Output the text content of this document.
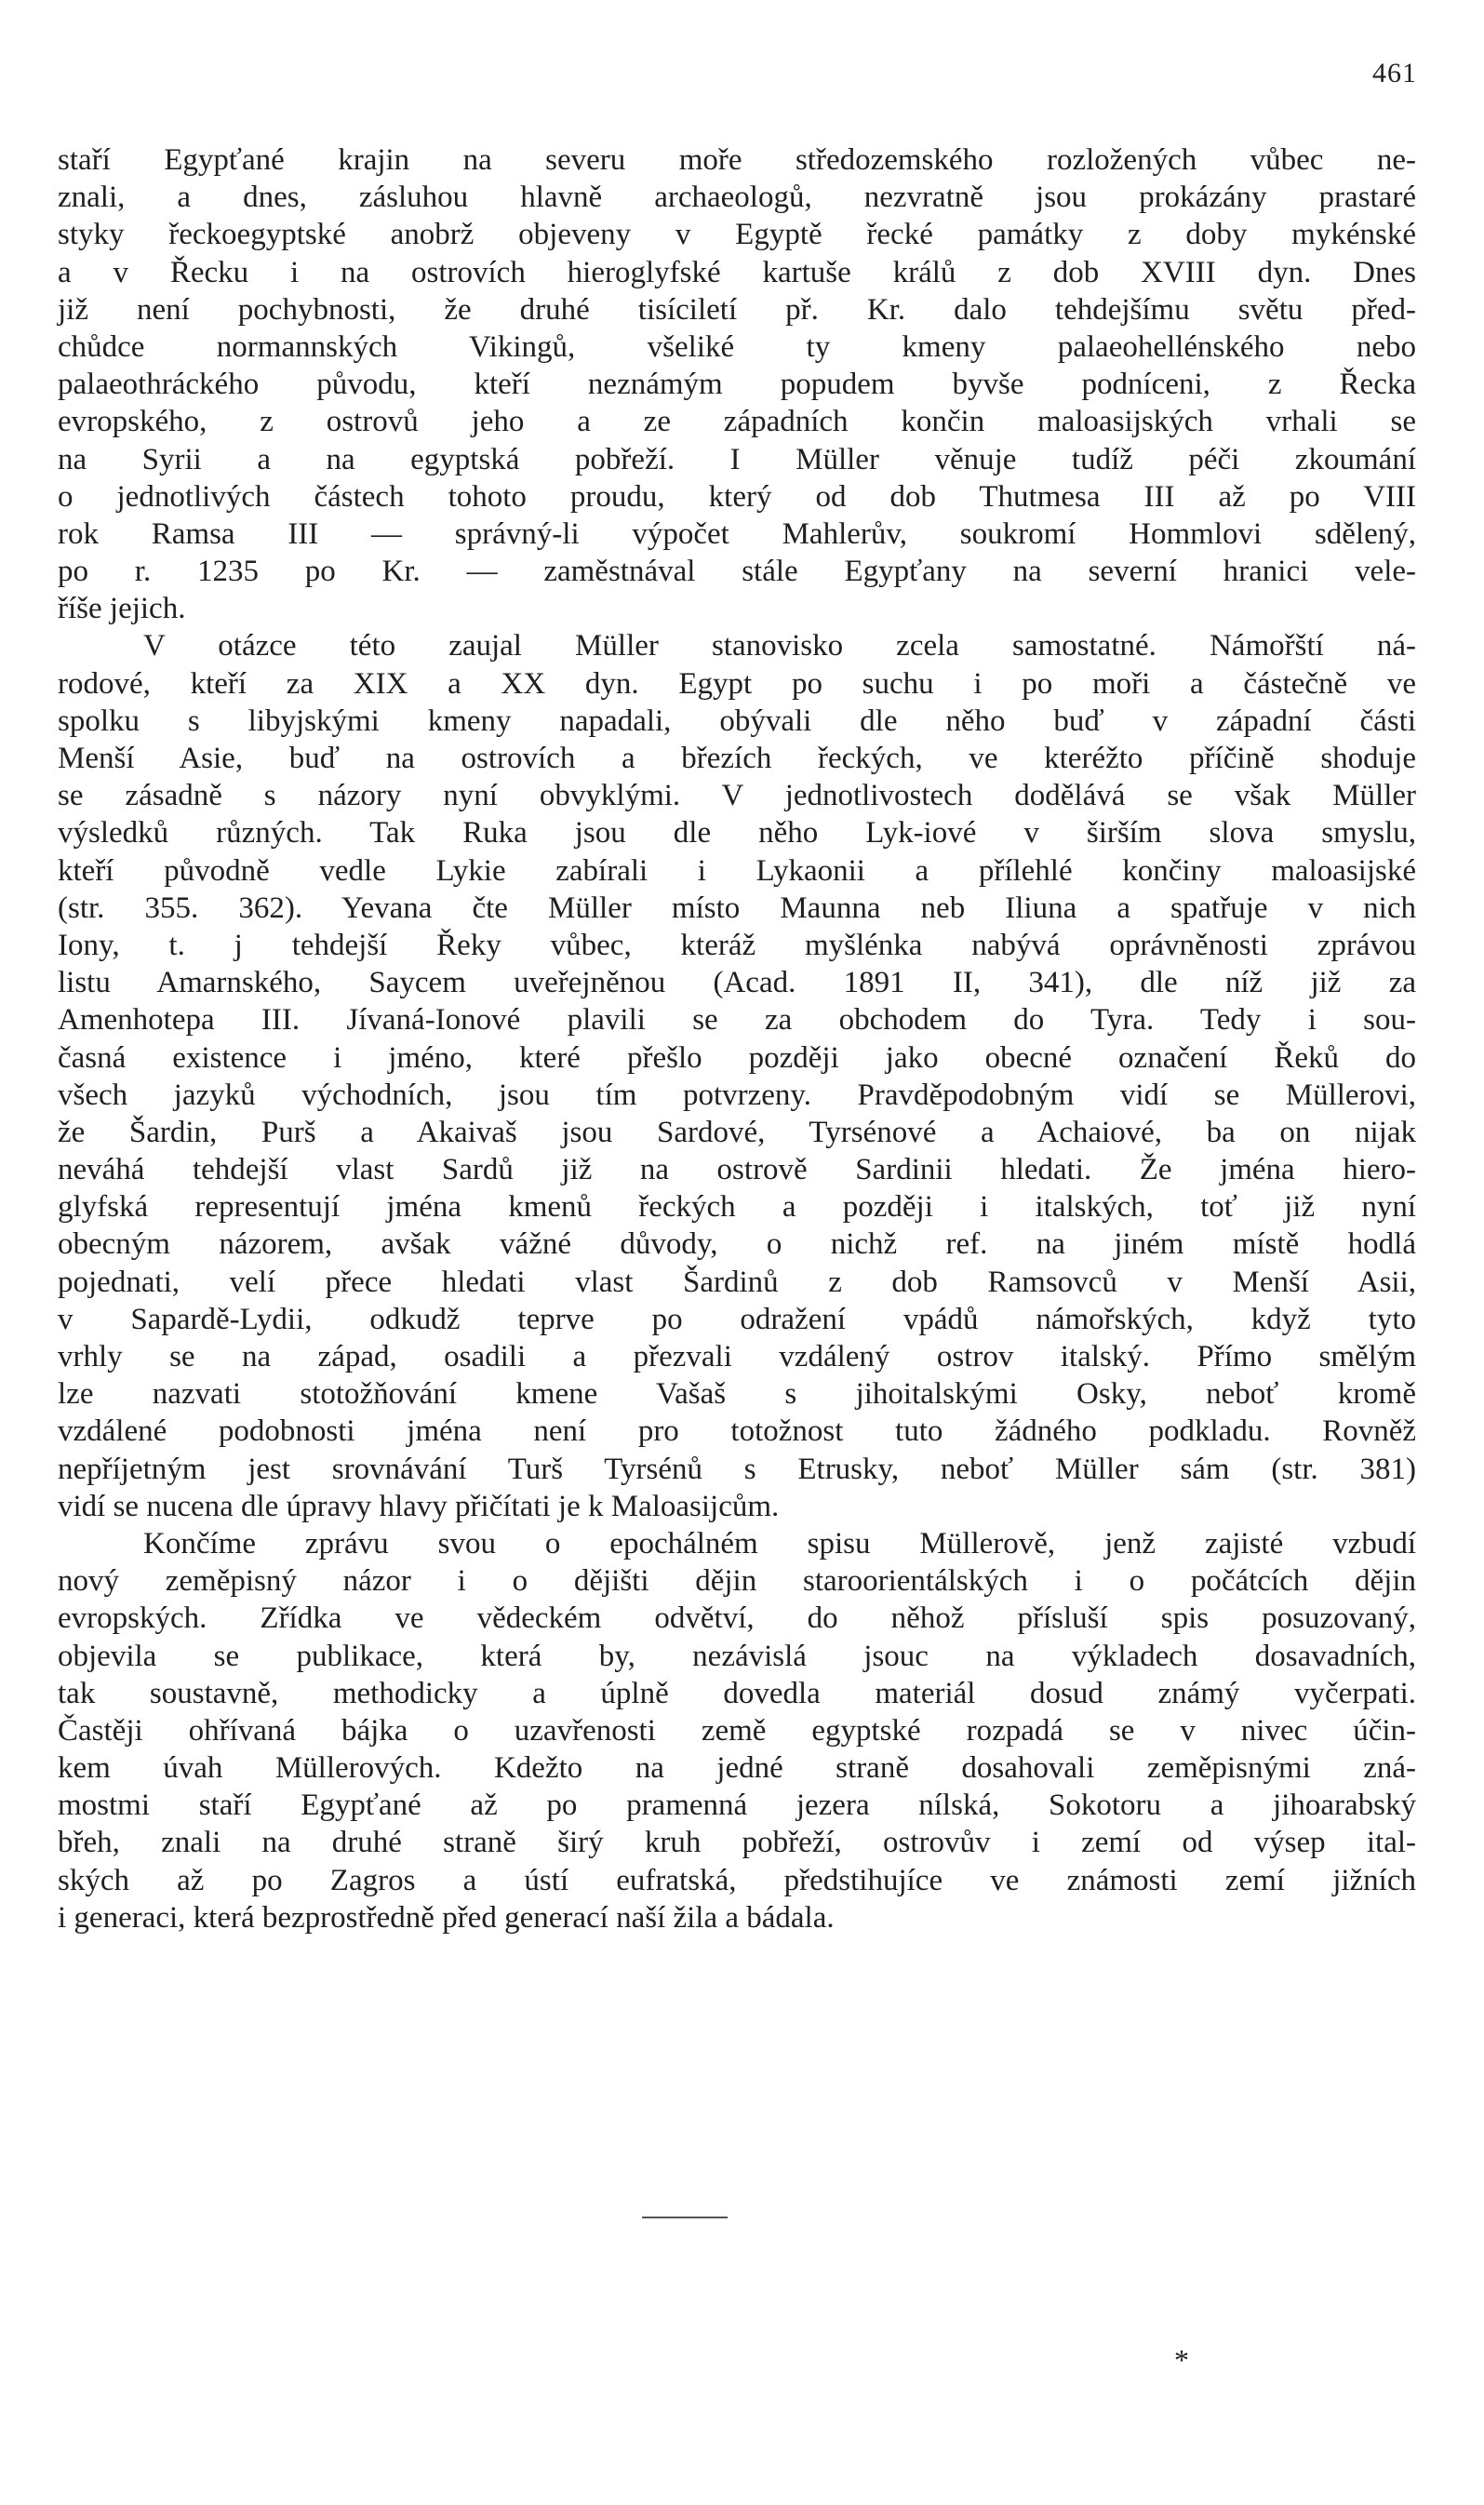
461
staří Egypťané krajin na severu moře středozemského rozložených vůbec ne-
znali, a dnes, zásluhou hlavně archaeologů, nezvratně jsou prokázány prastaré
styky řeckoegyptské anobrž objeveny v Egyptě řecké památky z doby mykénské
a v Řecku i na ostrovích hieroglyfské kartuše králů z dob XVIII dyn. Dnes
již není pochybnosti, že druhé tisíciletí př. Kr. dalo tehdejšímu světu před-
chůdce normannských Vikingů, všeliké ty kmeny palaeohellénského nebo
palaeothráckého původu, kteří neznámým popudem byvše podníceni, z Řecka
evropského, z ostrovů jeho a ze západních končin maloasijských vrhali se
na Syrii a na egyptská pobřeží. I Müller věnuje tudíž péči zkoumání
o jednotlivých částech tohoto proudu, který od dob Thutmesa III až po VIII
rok Ramsa III — správný-li výpočet Mahlerův, soukromí Hommlovi sdělený,
po r. 1235 po Kr. — zaměstnával stále Egypťany na severní hranici vele-
říše jejich.
V otázce této zaujal Müller stanovisko zcela samostatné. Námořští ná-
rodové, kteří za XIX a XX dyn. Egypt po suchu i po moři a částečně ve
spolku s libyjskými kmeny napadali, obývali dle něho buď v západní části
Menší Asie, buď na ostrovích a březích řeckých, ve kteréžto příčině shoduje
se zásadně s názory nyní obvyklými. V jednotlivostech dodělává se však Müller
výsledků různých. Tak Ruka jsou dle něho Lyk-iové v širším slova smyslu,
kteří původně vedle Lykie zabírali i Lykaonii a přílehlé končiny maloasijské
(str. 355. 362). Yevana čte Müller místo Maunna neb Iliuna a spatřuje v nich
Iony, t. j tehdejší Řeky vůbec, kteráž myšlénka nabývá oprávněnosti zprávou
listu Amarnského, Saycem uveřejněnou (Acad. 1891 II, 341), dle níž již za
Amenhotepa III. Jívaná-Ionové plavili se za obchodem do Tyra. Tedy i sou-
časná existence i jméno, které přešlo později jako obecné označení Řeků do
všech jazyků východních, jsou tím potvrzeny. Pravděpodobným vidí se Müllerovi,
že Šardin, Purš a Akaivaš jsou Sardové, Tyrsénové a Achaiové, ba on nijak
neváhá tehdejší vlast Sardů již na ostrově Sardinii hledati. Že jména hiero-
glyfská representují jména kmenů řeckých a později i italských, toť již nyní
obecným názorem, avšak vážné důvody, o nichž ref. na jiném místě hodlá
pojednati, velí přece hledati vlast Šardinů z dob Ramsovců v Menší Asii,
v Sapardě-Lydii, odkudž teprve po odražení vpádů námořských, když tyto
vrhly se na západ, osadili a přezvali vzdálený ostrov italský. Přímo smělým
lze nazvati stotožňování kmene Vašaš s jihoitalskými Osky, neboť kromě
vzdálené podobnosti jména není pro totožnost tuto žádného podkladu. Rovněž
nepříjetným jest srovnávání Turš Tyrsénů s Etrusky, neboť Müller sám (str. 381)
vidí se nucena dle úpravy hlavy přičítati je k Maloasijcům.
Končíme zprávu svou o epochálném spisu Müllerově, jenž zajisté vzbudí
nový zeměpisný názor i o dějišti dějin staroorientálských i o počátcích dějin
evropských. Zřídka ve vědeckém odvětví, do něhož přísluší spis posuzovaný,
objevila se publikace, která by, nezávislá jsouc na výkladech dosavadních,
tak soustavně, methodicky a úplně dovedla materiál dosud známý vyčerpati.
Častěji ohřívaná bájka o uzavřenosti země egyptské rozpadá se v nivec účin-
kem úvah Müllerových. Kdežto na jedné straně dosahovali zeměpisnými zná-
mostmi staří Egypťané až po pramenná jezera nílská, Sokotoru a jihoarabský
břeh, znali na druhé straně širý kruh pobřeží, ostrovův i zemí od výsep ital-
ských až po Zagros a ústí eufratská, předstihujíce ve známosti zemí jižních
i generaci, která bezprostředně před generací naší žila a bádala.
*
